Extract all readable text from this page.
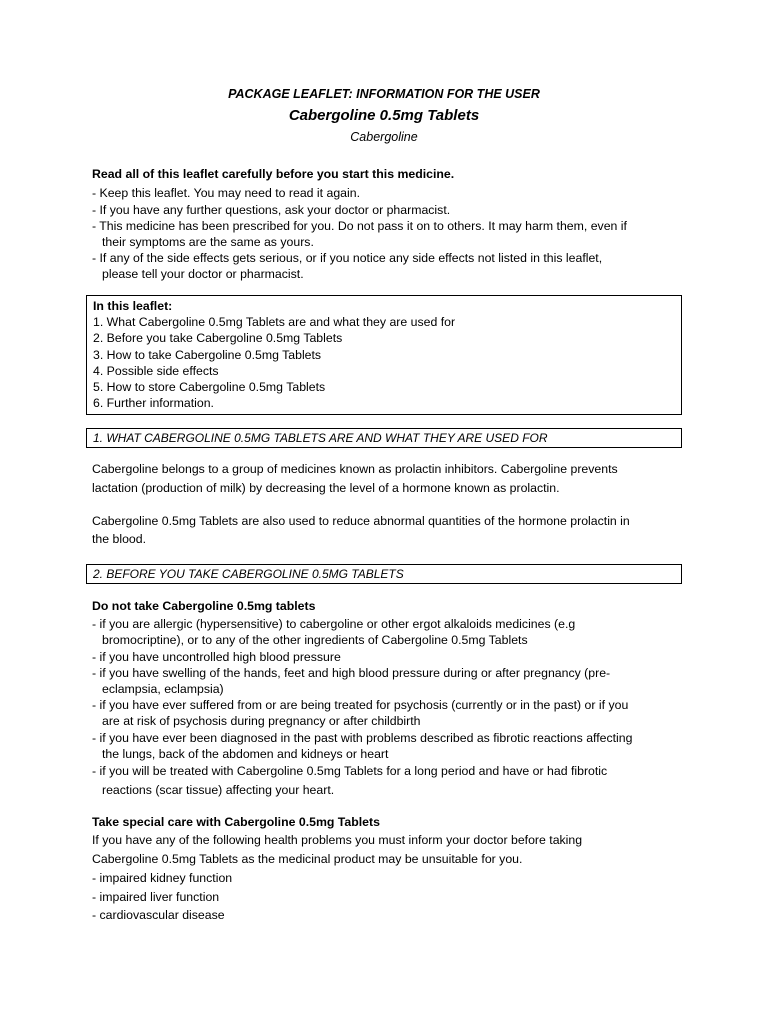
PACKAGE LEAFLET: INFORMATION FOR THE USER
Cabergoline 0.5mg Tablets
Cabergoline
Read all of this leaflet carefully before you start this medicine.
- Keep this leaflet. You may need to read it again.
- If you have any further questions, ask your doctor or pharmacist.
- This medicine has been prescribed for you. Do not pass it on to others. It may harm them, even if
their symptoms are the same as yours.
- If any of the side effects gets serious, or if you notice any side effects not listed in this leaflet,
please tell your doctor or pharmacist.
In this leaflet:
1. What Cabergoline 0.5mg Tablets are and what they are used for
2. Before you take Cabergoline 0.5mg Tablets
3. How to take Cabergoline 0.5mg Tablets
4. Possible side effects
5. How to store Cabergoline 0.5mg Tablets
6. Further information.
1. WHAT CABERGOLINE 0.5MG TABLETS ARE AND WHAT THEY ARE USED FOR
Cabergoline belongs to a group of medicines known as prolactin inhibitors. Cabergoline prevents
lactation (production of milk) by decreasing the level of a hormone known as prolactin.
Cabergoline 0.5mg Tablets are also used to reduce abnormal quantities of the hormone prolactin in
the blood.
2. BEFORE YOU TAKE CABERGOLINE 0.5MG TABLETS
Do not take Cabergoline 0.5mg tablets
- if you are allergic (hypersensitive) to cabergoline or other ergot alkaloids medicines (e.g
bromocriptine), or to any of the other ingredients of Cabergoline 0.5mg Tablets
- if you have uncontrolled high blood pressure
- if you have swelling of the hands, feet and high blood pressure during or after pregnancy (pre-
eclampsia, eclampsia)
- if you have ever suffered from or are being treated for psychosis (currently or in the past) or if you
are at risk of psychosis during pregnancy or after childbirth
- if you have ever been diagnosed in the past with problems described as fibrotic reactions affecting
the lungs, back of the abdomen and kidneys or heart
- if you will be treated with Cabergoline 0.5mg Tablets for a long period and have or had fibrotic
reactions (scar tissue) affecting your heart.
Take special care with Cabergoline 0.5mg Tablets
If you have any of the following health problems you must inform your doctor before taking
Cabergoline 0.5mg Tablets as the medicinal product may be unsuitable for you.
- impaired kidney function
- impaired liver function
- cardiovascular disease
